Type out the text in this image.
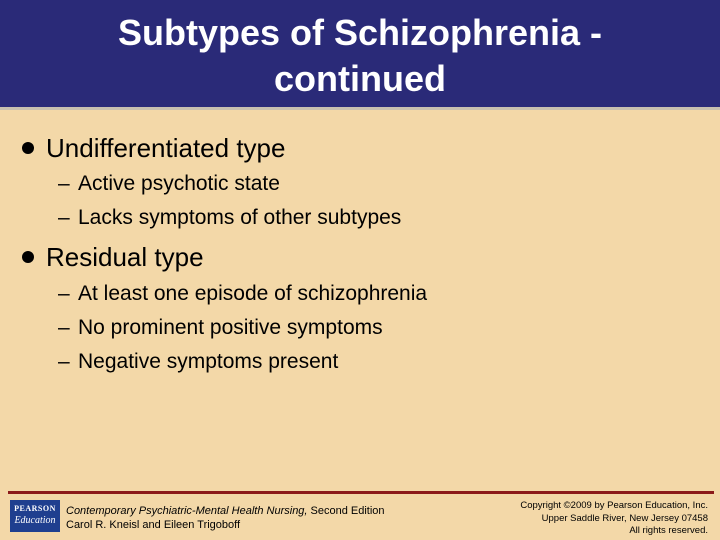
Subtypes of Schizophrenia -
continued
Undifferentiated type
– Active psychotic state
– Lacks symptoms of other subtypes
Residual type
– At least one episode of schizophrenia
– No prominent positive symptoms
– Negative symptoms present
PEARSON
Education
Contemporary Psychiatric-Mental Health Nursing, Second Edition
Carol R. Kneisl and Eileen Trigoboff
Copyright ©2009 by Pearson Education, Inc.
Upper Saddle River, New Jersey 07458
All rights reserved.
